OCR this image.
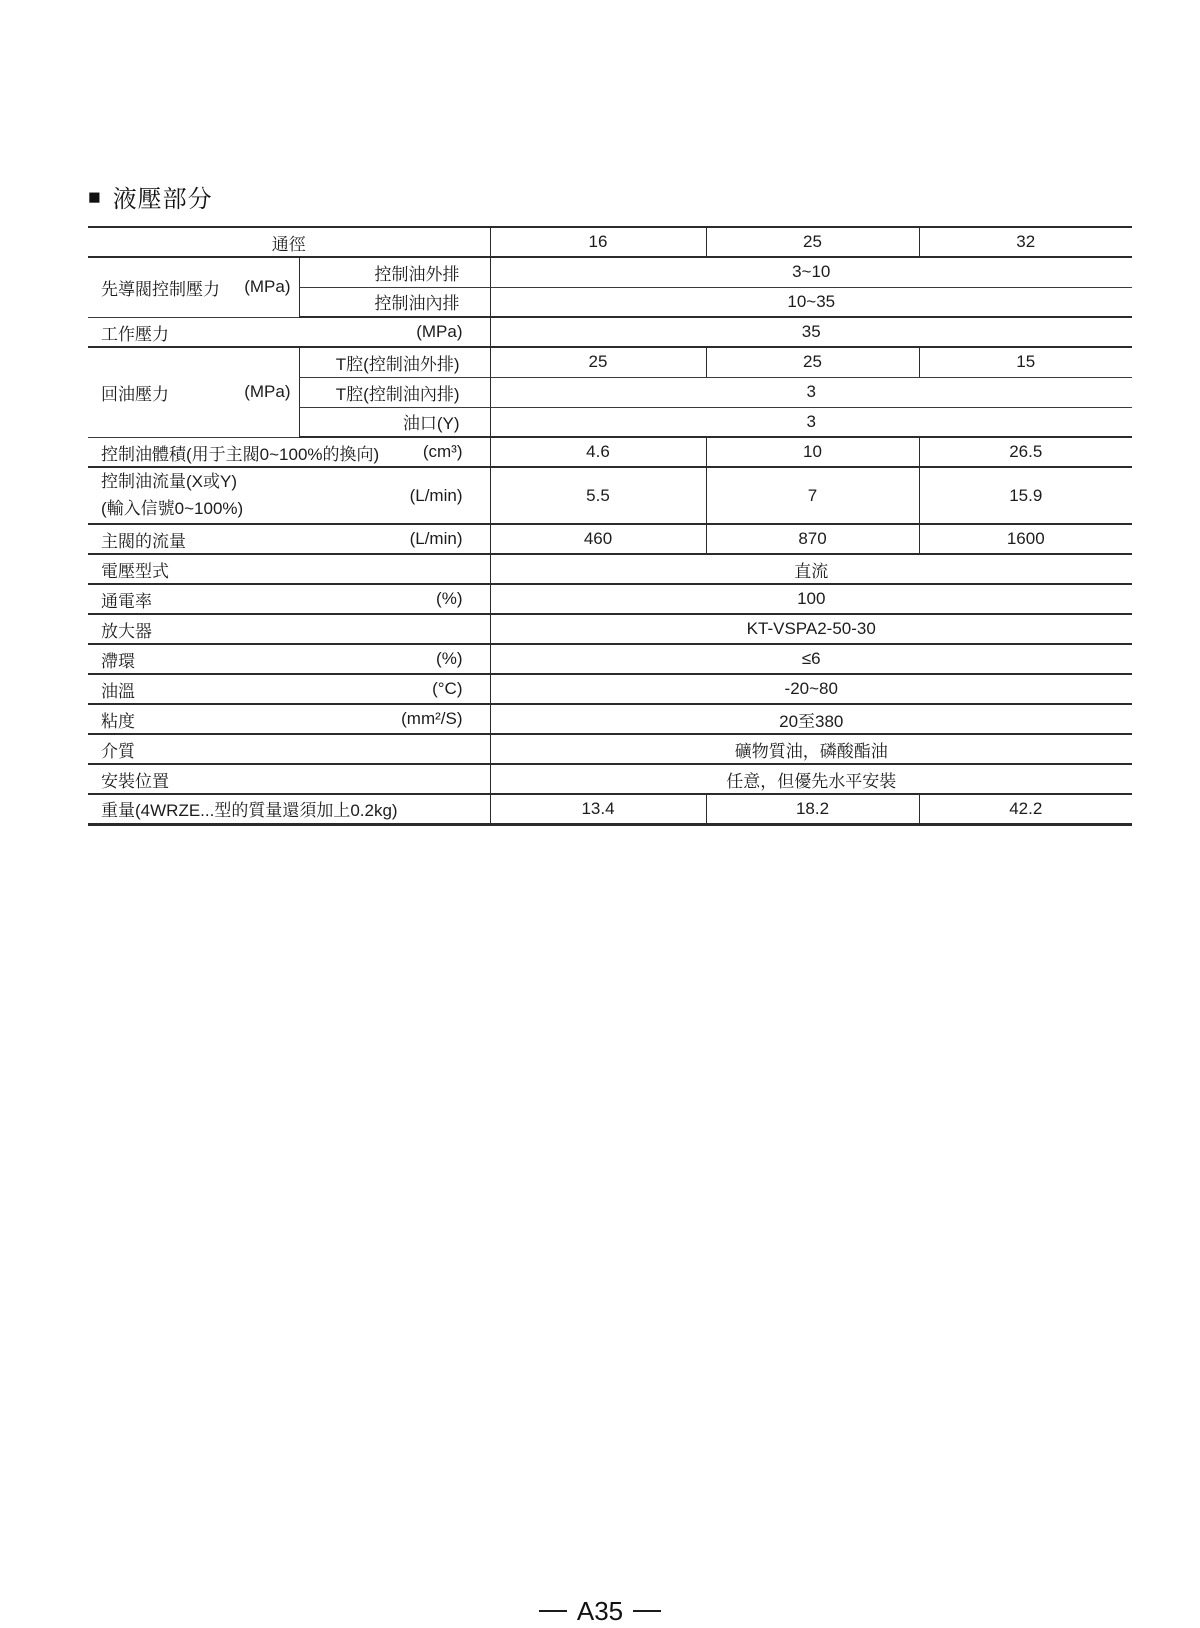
■ 液壓部分
通徑		16	25	32

先導閥控制壓力 (MPa)	控制油外排	3~10		
	控制油內排	10~35		

工作壓力 (MPa)		35		

回油壓力 (MPa)	T腔(控制油外排)	25	25	15
	T腔(控制油內排)	3		
	油口(Y)	3		

控制油體積(用于主閥0~100%的換向) (cm³)		4.6	10	26.5

控制油流量(X或Y)
(輸入信號0~100%)
(L/min)		5.5	7	15.9

主閥的流量 (L/min)		460	870	1600
電壓型式		直流		

通電率 (%)		100		
放大器		KT-VSPA2-50-30		

滯環 (%)		≤6		

油溫 (°C)		-20~80		

粘度 (mm²/S)		20至380		
介質		礦物質油，磷酸酯油		
安裝位置		任意，但優先水平安裝		
重量(4WRZE...型的質量還須加上0.2kg)		13.4	18.2	42.2
A35
